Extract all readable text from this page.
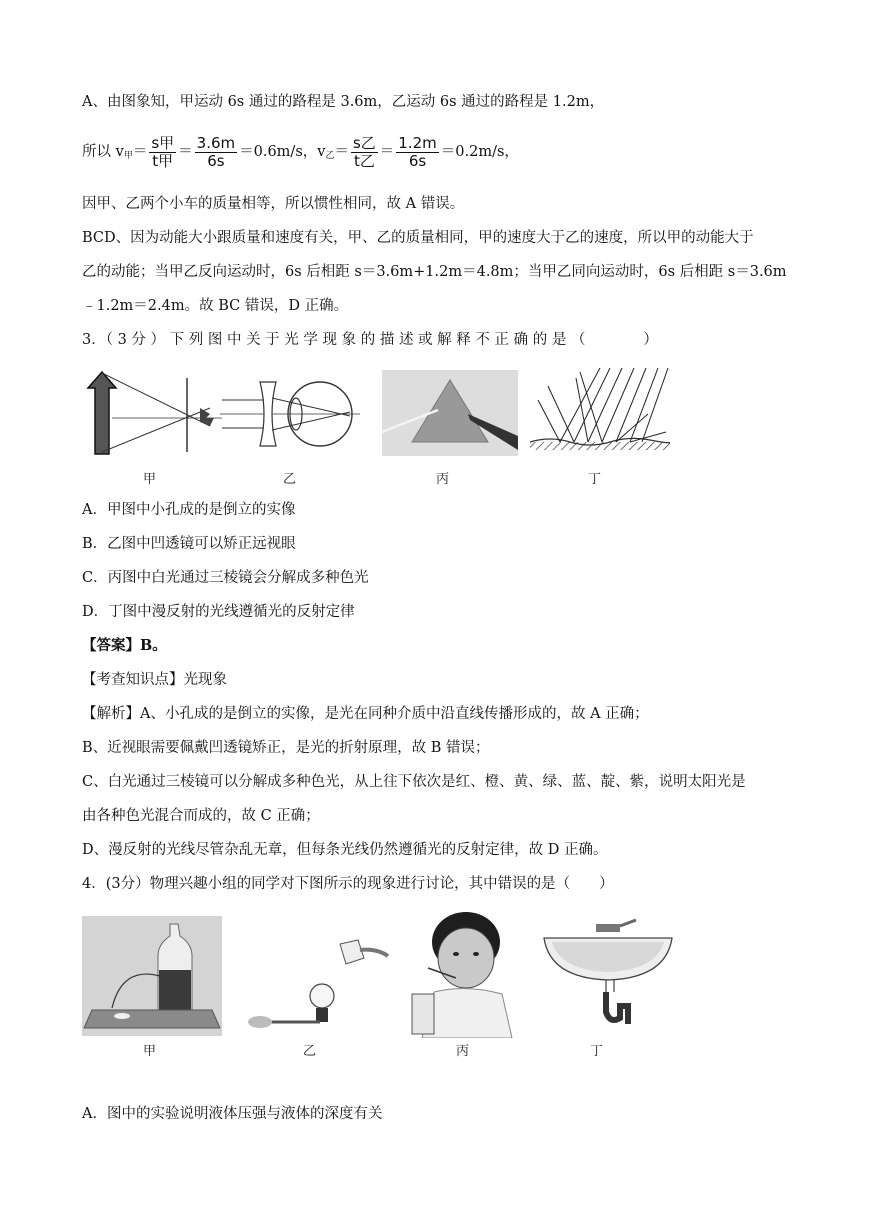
A、由图象知，甲运动 6s 通过的路程是 3.6m，乙运动 6s 通过的路程是 1.2m，
所以 $v_甲= \frac{\text{s甲}}{\text{t甲}} = \frac{3.6m}{6s} =0.6m/s$，$v_乙= \frac{\text{s乙}}{\text{t乙}} = \frac{1.2m}{6s} =0.2m/s$，
因甲、乙两个小车的质量相等，所以惯性相同，故 A 错误。
BCD、因为动能大小跟质量和速度有关，甲、乙的质量相同，甲的速度大于乙的速度，所以甲的动能大于
乙的动能；当甲乙反向运动时，6s 后相距 s＝3.6m+1.2m＝4.8m；当甲乙同向运动时，6s 后相距 s＝3.6m
﹣1.2m＝2.4m。故 BC 错误，D 正确。
3．（ 3 分 ） 下 列 图 中 关 于 光 学 现 象 的 描 述 或 解 释 不 正 确 的 是 （　　　　）
甲	乙	丙	丁
A．甲图中小孔成的是倒立的实像
B．乙图中凹透镜可以矫正远视眼
C．丙图中白光通过三棱镜会分解成多种色光
D．丁图中漫反射的光线遵循光的反射定律
【答案】B。
【考查知识点】光现象
【解析】A、小孔成的是倒立的实像，是光在同种介质中沿直线传播形成的，故 A 正确；
B、近视眼需要佩戴凹透镜矫正，是光的折射原理，故 B 错误；
C、白光通过三棱镜可以分解成多种色光，从上往下依次是红、橙、黄、绿、蓝、靛、紫，说明太阳光是
由各种色光混合而成的，故 C 正确；
D、漫反射的光线尽管杂乱无章，但每条光线仍然遵循光的反射定律，故 D 正确。
4．(3分）物理兴趣小组的同学对下图所示的现象进行讨论，其中错误的是（　　）
甲	乙	丙	丁
A．图中的实验说明液体压强与液体的深度有关
